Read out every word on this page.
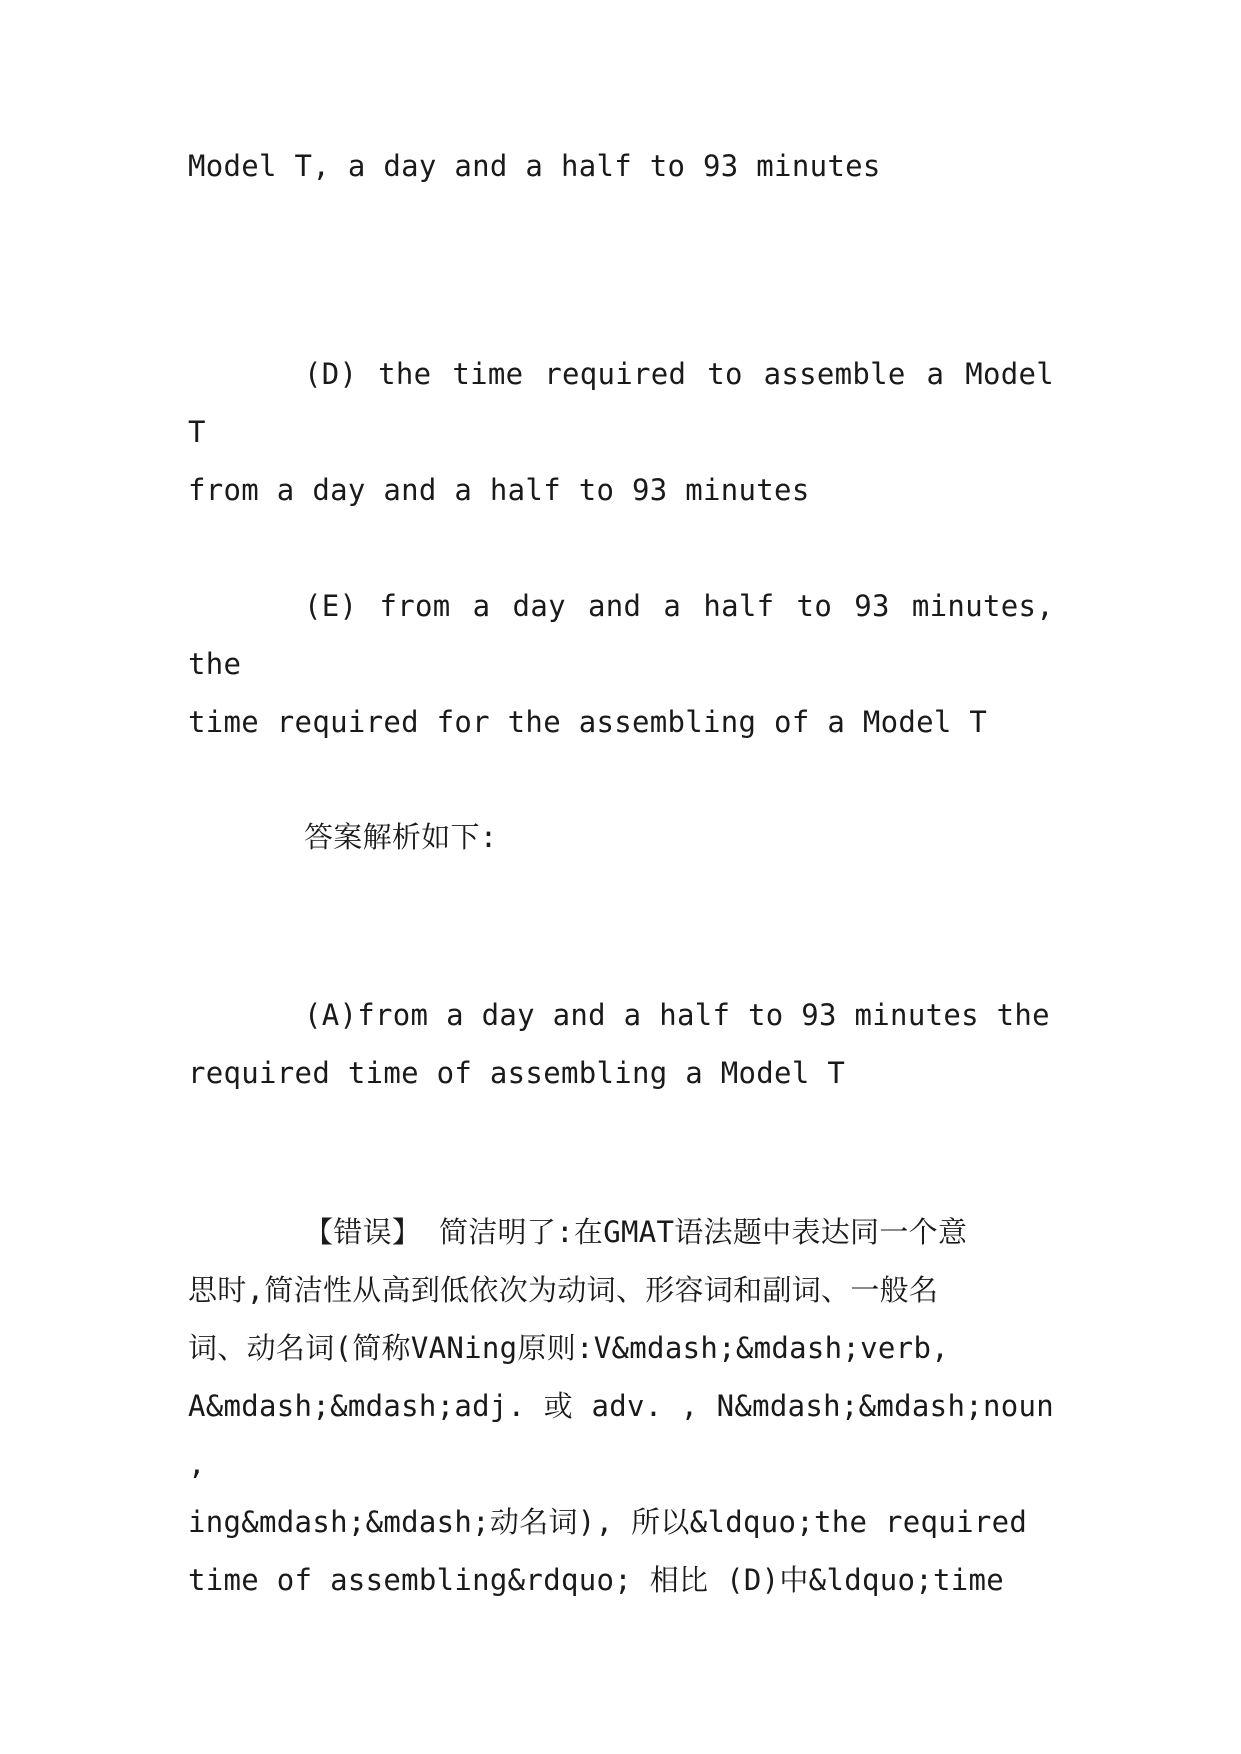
Model T, a day and a half to 93 minutes
(D) the time required to assemble a Model T
from a day and a half to 93 minutes
(E) from a day and a half to 93 minutes, the
time required for the assembling of a Model T
答案解析如下:
(A)from a day and a half to 93 minutes the
required time of assembling a Model T
【错误】 简洁明了:在GMAT语法题中表达同一个意
思时,简洁性从高到低依次为动词、形容词和副词、一般名
词、动名词(简称VANing原则:V&mdash;&mdash;verb,
A&mdash;&mdash;adj. 或 adv. , N&mdash;&mdash;noun ,
ing&mdash;&mdash;动名词), 所以&ldquo;the required
time of assembling&rdquo; 相比 (D)中&ldquo;time
